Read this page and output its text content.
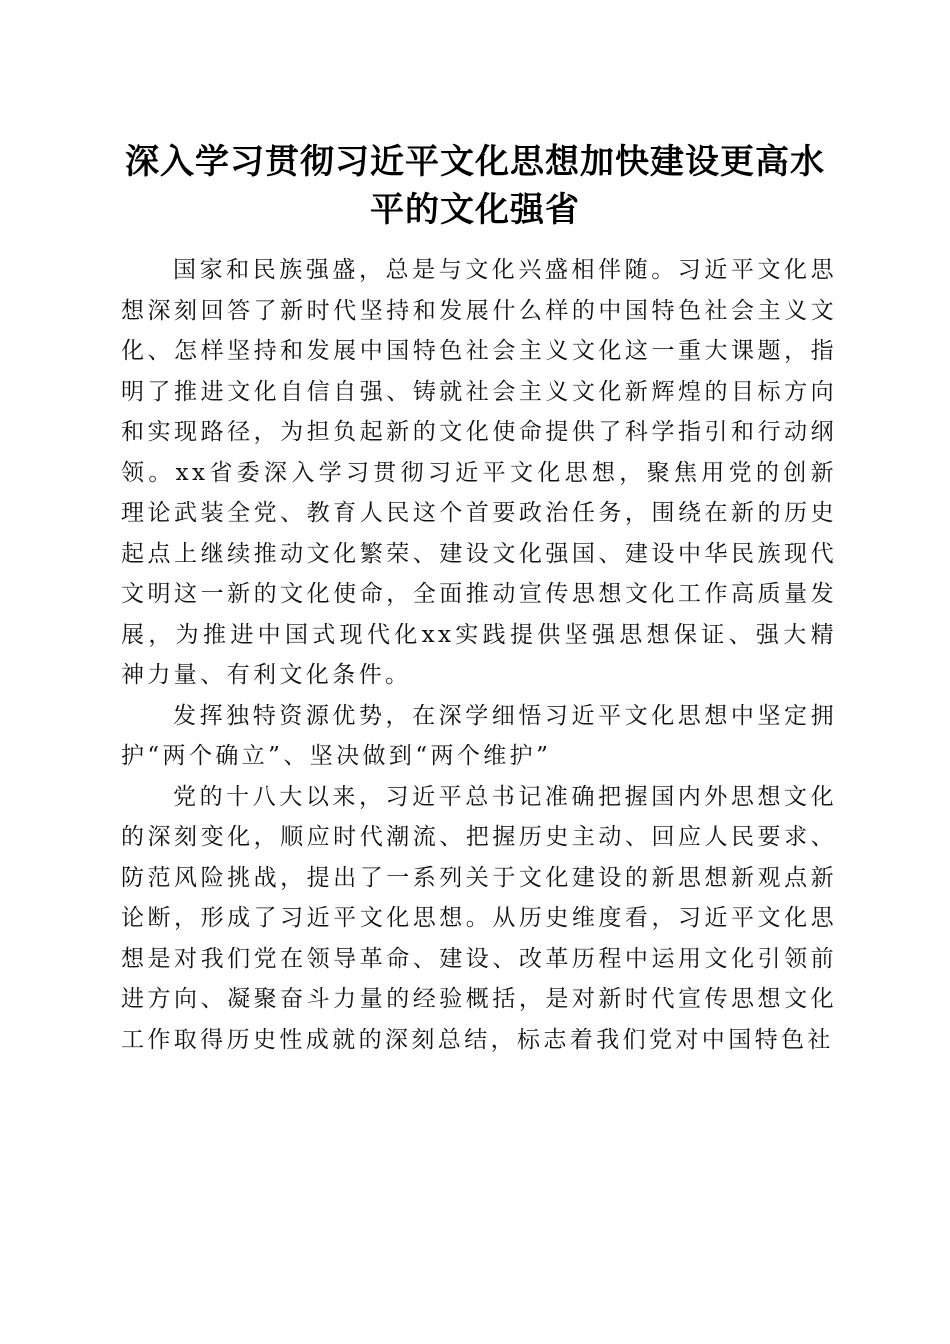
深入学习贯彻习近平文化思想加快建设更高水
平的文化强省

国家和民族强盛，总是与文化兴盛相伴随。习近平文化思想深刻回答了新时代坚持和发展什么样的中国特色社会主义文化、怎样坚持和发展中国特色社会主义文化这一重大课题，指明了推进文化自信自强、铸就社会主义文化新辉煌的目标方向和实现路径，为担负起新的文化使命提供了科学指引和行动纲领。xx省委深入学习贯彻习近平文化思想，聚焦用党的创新理论武装全党、教育人民这个首要政治任务，围绕在新的历史起点上继续推动文化繁荣、建设文化强国、建设中华民族现代文明这一新的文化使命，全面推动宣传思想文化工作高质量发展，为推进中国式现代化xx实践提供坚强思想保证、强大精神力量、有利文化条件。

发挥独特资源优势，在深学细悟习近平文化思想中坚定拥护“两个确立”、坚决做到“两个维护”

党的十八大以来，习近平总书记准确把握国内外思想文化的深刻变化，顺应时代潮流、把握历史主动、回应人民要求、防范风险挑战，提出了一系列关于文化建设的新思想新观点新论断，形成了习近平文化思想。从历史维度看，习近平文化思想是对我们党在领导革命、建设、改革历程中运用文化引领前进方向、凝聚奋斗力量的经验概括，是对新时代宣传思想文化工作取得历史性成就的深刻总结，标志着我们党对中国特色社
